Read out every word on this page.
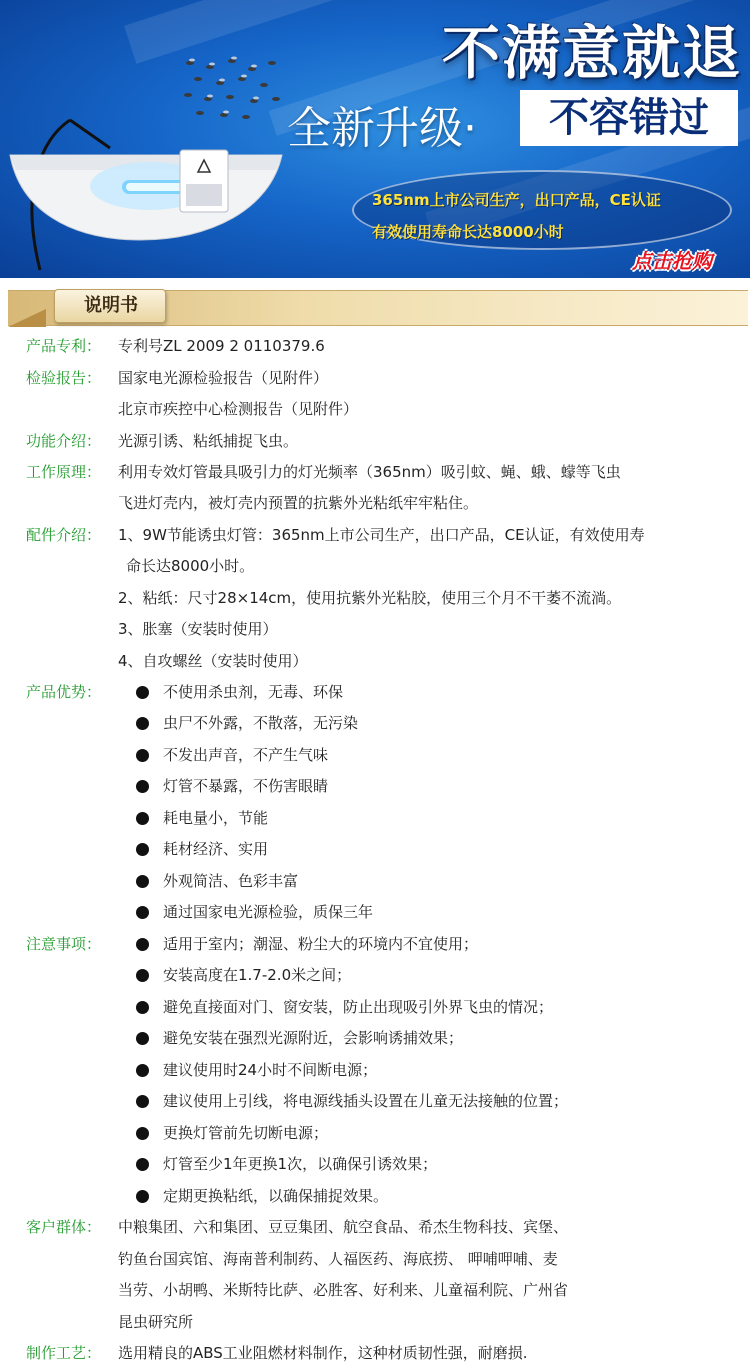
不满意就退
全新升级·	不容错过
365nm上市公司生产，出口产品，CE认证
有效使用寿命长达8000小时
点击抢购
说明书
产品专利： 专利号ZL 2009 2 0110379.6
检验报告： 国家电光源检验报告（见附件）
北京市疾控中心检测报告（见附件）
功能介绍： 光源引诱、粘纸捕捉飞虫。
工作原理： 利用专效灯管最具吸引力的灯光频率（365nm）吸引蚊、蝇、蛾、蠓等飞虫
飞进灯壳内，被灯壳内预置的抗紫外光粘纸牢牢粘住。
配件介绍： 1、9W节能诱虫灯管：365nm上市公司生产，出口产品，CE认证，有效使用寿
命长达8000小时。
2、粘纸：尺寸28×14cm，使用抗紫外光粘胶，使用三个月不干萎不流淌。
3、胀塞（安装时使用）
4、自攻螺丝（安装时使用）
产品优势：	不使用杀虫剂，无毒、环保
虫尸不外露，不散落，无污染
不发出声音，不产生气味
灯管不暴露，不伤害眼睛
耗电量小，节能
耗材经济、实用
外观简洁、色彩丰富
通过国家电光源检验，质保三年
注意事项：	适用于室内；潮湿、粉尘大的环境内不宜使用；
安装高度在1.7-2.0米之间；
避免直接面对门、窗安装，防止出现吸引外界飞虫的情况；
避免安装在强烈光源附近，会影响诱捕效果；
建议使用时24小时不间断电源；
建议使用上引线，将电源线插头设置在儿童无法接触的位置；
更换灯管前先切断电源；
灯管至少1年更换1次，以确保引诱效果；
定期更换粘纸，以确保捕捉效果。
客户群体： 中粮集团、六和集团、豆豆集团、航空食品、希杰生物科技、宾堡、
钓鱼台国宾馆、海南普利制药、人福医药、海底捞、 呷哺呷哺、麦
当劳、小胡鸭、米斯特比萨、必胜客、好利来、儿童福利院、广州省
昆虫研究所
制作工艺： 选用精良的ABS工业阻燃材料制作，这种材质韧性强，耐磨损.
